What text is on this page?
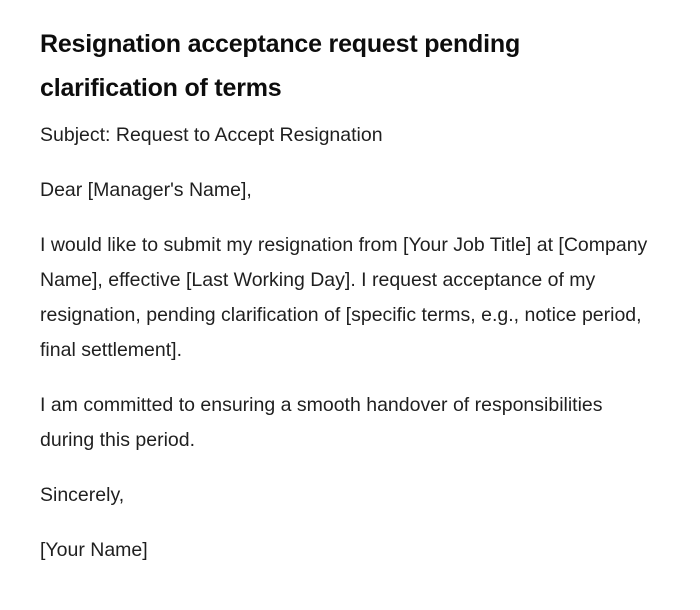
Resignation acceptance request pending clarification of terms

Subject: Request to Accept Resignation

Dear [Manager's Name],

I would like to submit my resignation from [Your Job Title] at [Company Name], effective [Last Working Day]. I request acceptance of my resignation, pending clarification of [specific terms, e.g., notice period, final settlement].

I am committed to ensuring a smooth handover of responsibilities during this period.

Sincerely,

[Your Name]
